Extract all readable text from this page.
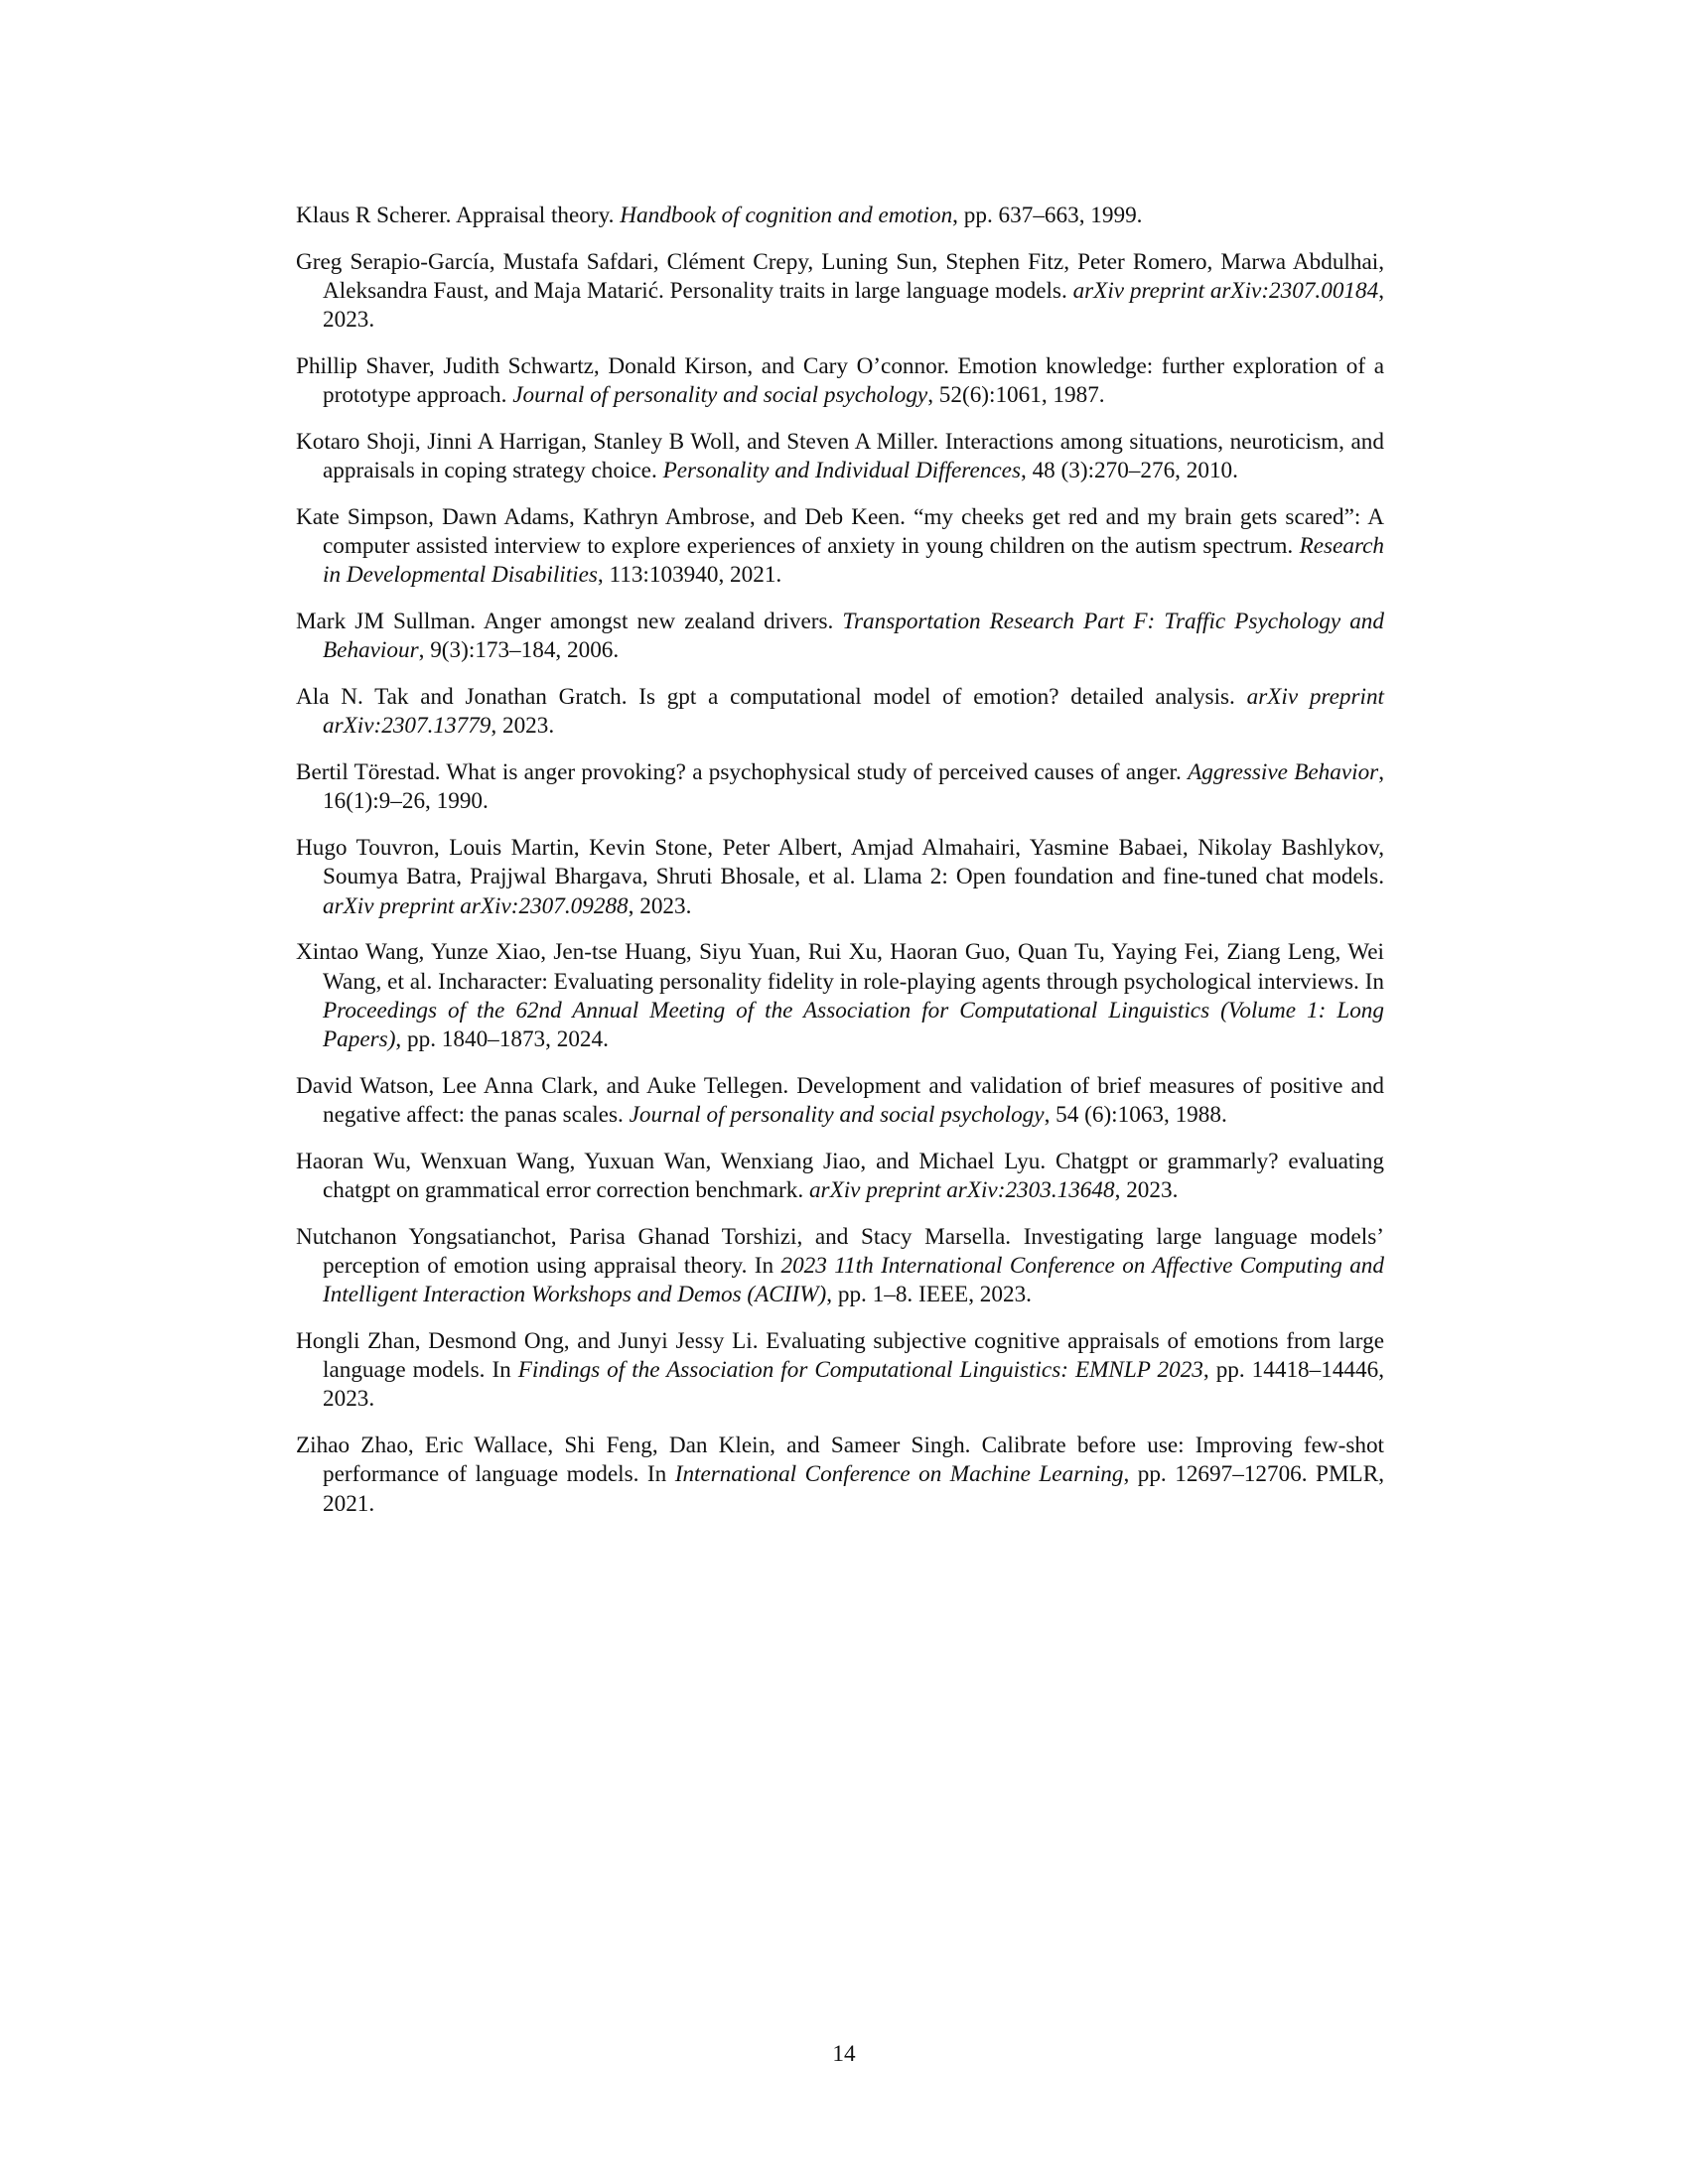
Klaus R Scherer. Appraisal theory. Handbook of cognition and emotion, pp. 637–663, 1999.

Greg Serapio-García, Mustafa Safdari, Clément Crepy, Luning Sun, Stephen Fitz, Peter Romero, Marwa Abdulhai, Aleksandra Faust, and Maja Matarić. Personality traits in large language models. arXiv preprint arXiv:2307.00184, 2023.

Phillip Shaver, Judith Schwartz, Donald Kirson, and Cary O’connor. Emotion knowledge: further exploration of a prototype approach. Journal of personality and social psychology, 52(6):1061, 1987.

Kotaro Shoji, Jinni A Harrigan, Stanley B Woll, and Steven A Miller. Interactions among situations, neuroticism, and appraisals in coping strategy choice. Personality and Individual Differences, 48 (3):270–276, 2010.

Kate Simpson, Dawn Adams, Kathryn Ambrose, and Deb Keen. “my cheeks get red and my brain gets scared”: A computer assisted interview to explore experiences of anxiety in young children on the autism spectrum. Research in Developmental Disabilities, 113:103940, 2021.

Mark JM Sullman. Anger amongst new zealand drivers. Transportation Research Part F: Traffic Psychology and Behaviour, 9(3):173–184, 2006.

Ala N. Tak and Jonathan Gratch. Is gpt a computational model of emotion? detailed analysis. arXiv preprint arXiv:2307.13779, 2023.

Bertil Törestad. What is anger provoking? a psychophysical study of perceived causes of anger. Aggressive Behavior, 16(1):9–26, 1990.

Hugo Touvron, Louis Martin, Kevin Stone, Peter Albert, Amjad Almahairi, Yasmine Babaei, Nikolay Bashlykov, Soumya Batra, Prajjwal Bhargava, Shruti Bhosale, et al. Llama 2: Open foundation and fine-tuned chat models. arXiv preprint arXiv:2307.09288, 2023.

Xintao Wang, Yunze Xiao, Jen-tse Huang, Siyu Yuan, Rui Xu, Haoran Guo, Quan Tu, Yaying Fei, Ziang Leng, Wei Wang, et al. Incharacter: Evaluating personality fidelity in role-playing agents through psychological interviews. In Proceedings of the 62nd Annual Meeting of the Association for Computational Linguistics (Volume 1: Long Papers), pp. 1840–1873, 2024.

David Watson, Lee Anna Clark, and Auke Tellegen. Development and validation of brief measures of positive and negative affect: the panas scales. Journal of personality and social psychology, 54 (6):1063, 1988.

Haoran Wu, Wenxuan Wang, Yuxuan Wan, Wenxiang Jiao, and Michael Lyu. Chatgpt or grammarly? evaluating chatgpt on grammatical error correction benchmark. arXiv preprint arXiv:2303.13648, 2023.

Nutchanon Yongsatianchot, Parisa Ghanad Torshizi, and Stacy Marsella. Investigating large language models’ perception of emotion using appraisal theory. In 2023 11th International Conference on Affective Computing and Intelligent Interaction Workshops and Demos (ACIIW), pp. 1–8. IEEE, 2023.

Hongli Zhan, Desmond Ong, and Junyi Jessy Li. Evaluating subjective cognitive appraisals of emotions from large language models. In Findings of the Association for Computational Linguistics: EMNLP 2023, pp. 14418–14446, 2023.

Zihao Zhao, Eric Wallace, Shi Feng, Dan Klein, and Sameer Singh. Calibrate before use: Improving few-shot performance of language models. In International Conference on Machine Learning, pp. 12697–12706. PMLR, 2021.

14
